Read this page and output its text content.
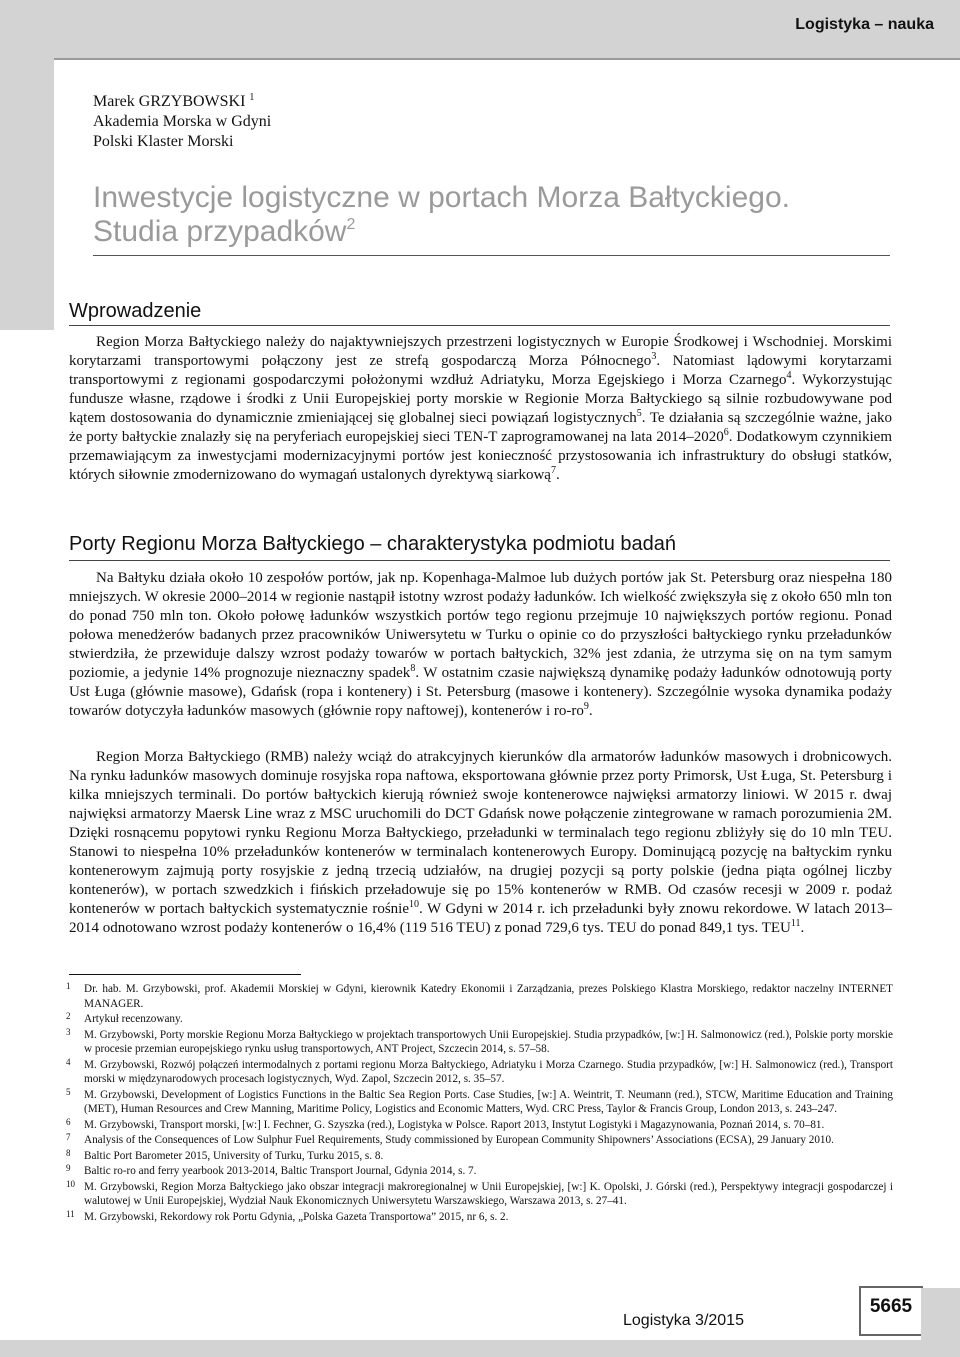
Logistyka – nauka
Marek GRZYBOWSKI $^1$
Akademia Morska w Gdyni
Polski Klaster Morski
Inwestycje logistyczne w portach Morza Bałtyckiego.
Studia przypadków$^2$
Wprowadzenie

Region Morza Bałtyckiego należy do najaktywniejszych przestrzeni logistycznych w Europie Środkowej i Wschodniej. Morskimi korytarzami transportowymi połączony jest ze strefą gospodarczą Morza Północnego$^3$. Natomiast lądowymi korytarzami transportowymi z regionami gospodarczymi położonymi wzdłuż Adriatyku, Morza Egejskiego i Morza Czarnego$^4$. Wykorzystując fundusze własne, rządowe i środki z Unii Europejskiej porty morskie w Regionie Morza Bałtyckiego są silnie rozbudowywane pod kątem dostosowania do dynamicznie zmieniającej się globalnej sieci powiązań logistycznych$^5$. Te działania są szczególnie ważne, jako że porty bałtyckie znalazły się na peryferiach europejskiej sieci TEN-T zaprogramowanej na lata 2014–2020$^6$. Dodatkowym czynnikiem przemawiającym za inwestycjami modernizacyjnymi portów jest konieczność przystosowania ich infrastruktury do obsługi statków, których siłownie zmodernizowano do wymagań ustalonych dyrektywą siarkową$^7$.

Porty Regionu Morza Bałtyckiego – charakterystyka podmiotu badań

Na Bałtyku działa około 10 zespołów portów, jak np. Kopenhaga-Malmoe lub dużych portów jak St. Petersburg oraz niespełna 180 mniejszych. W okresie 2000–2014 w regionie nastąpił istotny wzrost podaży ładunków. Ich wielkość zwiększyła się z około 650 mln ton do ponad 750 mln ton. Około połowę ładunków wszystkich portów tego regionu przejmuje 10 największych portów regionu. Ponad połowa menedżerów badanych przez pracowników Uniwersytetu w Turku o opinie co do przyszłości bałtyckiego rynku przeładunków stwierdziła, że przewiduje dalszy wzrost podaży towarów w portach bałtyckich, 32% jest zdania, że utrzyma się on na tym samym poziomie, a jedynie 14% prognozuje nieznaczny spadek$^8$. W ostatnim czasie największą dynamikę podaży ładunków odnotowują porty Ust Ługa (głównie masowe), Gdańsk (ropa i kontenery) i St. Petersburg (masowe i kontenery). Szczególnie wysoka dynamika podaży towarów dotyczyła ładunków masowych (głównie ropy naftowej), kontenerów i $ro-ro^9$.

Region Morza Bałtyckiego (RMB) należy wciąż do atrakcyjnych kierunków dla armatorów ładunków masowych i drobnicowych. Na rynku ładunków masowych dominuje rosyjska ropa naftowa, eksportowana głównie przez porty Primorsk, Ust Ługa, St. Petersburg i kilka mniejszych terminali. Do portów bałtyckich kierują również swoje kontenerowce najwięksi armatorzy liniowi. W 2015 r. dwaj najwięksi armatorzy Maersk Line wraz z MSC uruchomili do DCT Gdańsk nowe połączenie zintegrowane w ramach porozumienia 2M. Dzięki rosnącemu popytowi rynku Regionu Morza Bałtyckiego, przeładunki w terminalach tego regionu zbliżyły się do 10 mln TEU. Stanowi to niespełna 10% przeładunków kontenerów w terminalach kontenerowych Europy. Dominującą pozycję na bałtyckim rynku kontenerowym zajmują porty rosyjskie z jedną trzecią udziałów, na drugiej pozycji są porty polskie (jedna piąta ogólnej liczby kontenerów), w portach szwedzkich i fińskich przeładowuje się po 15% kontenerów w RMB. Od czasów recesji w 2009 r. podaż kontenerów w portach bałtyckich systematycznie rośnie$^{10}$. W Gdyni w 2014 r. ich przeładunki były znowu rekordowe. W latach 2013–2014 odnotowano wzrost podaży kontenerów o 16,4% (119 516 TEU) z ponad 729,6 tys. TEU do ponad 849,1 tys. TEU$^{11}$.

1 Dr. hab. M. Grzybowski, prof. Akademii Morskiej w Gdyni, kierownik Katedry Ekonomii i Zarządzania, prezes Polskiego Klastra Morskiego, redaktor naczelny INTERNET MANAGER.
2 Artykuł recenzowany.
3 M. Grzybowski, Porty morskie Regionu Morza Bałtyckiego w projektach transportowych Unii Europejskiej. Studia przypadków, [w:] H. Salmonowicz (red.), Polskie porty morskie w procesie przemian europejskiego rynku usług transportowych, ANT Project, Szczecin 2014, s. 57–58.
4 M. Grzybowski, Rozwój połączeń intermodalnych z portami regionu Morza Bałtyckiego, Adriatyku i Morza Czarnego. Studia przypadków, [w:] H. Salmonowicz (red.), Transport morski w międzynarodowych procesach logistycznych, Wyd. Zapol, Szczecin 2012, s. 35–57.
5 M. Grzybowski, Development of Logistics Functions in the Baltic Sea Region Ports. Case Studies, [w:] A. Weintrit, T. Neumann (red.), STCW, Maritime Education and Training (MET), Human Resources and Crew Manning, Maritime Policy, Logistics and Economic Matters, Wyd. CRC Press, Taylor & Francis Group, London 2013, s. 243–247.
6 M. Grzybowski, Transport morski, [w:] I. Fechner, G. Szyszka (red.), Logistyka w Polsce. Raport 2013, Instytut Logistyki i Magazynowania, Poznań 2014, s. 70–81.
7 Analysis of the Consequences of Low Sulphur Fuel Requirements, Study commissioned by European Community Shipowners’ Associations (ECSA), 29 January 2010.
8 Baltic Port Barometer 2015, University of Turku, Turku 2015, s. 8.
9 Baltic ro-ro and ferry yearbook 2013-2014, Baltic Transport Journal, Gdynia 2014, s. 7.
10 M. Grzybowski, Region Morza Bałtyckiego jako obszar integracji makroregionalnej w Unii Europejskiej, [w:] K. Opolski, J. Górski (red.), Perspektywy integracji gospodarczej i walutowej w Unii Europejskiej, Wydział Nauk Ekonomicznych Uniwersytetu Warszawskiego, Warszawa 2013, s. 27–41.
11 M. Grzybowski, Rekordowy rok Portu Gdynia, „Polska Gazeta Transportowa” 2015, nr 6, s. 2.
Logistyka 3/2015
5665
